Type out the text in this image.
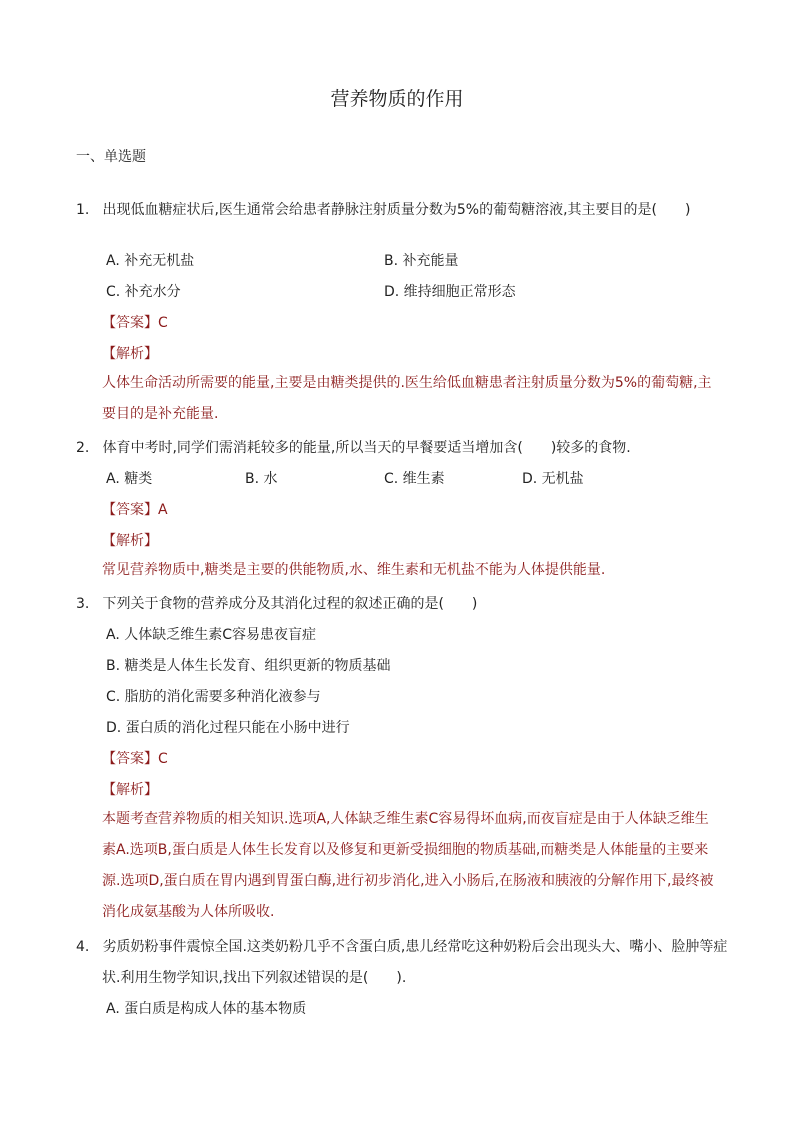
营养物质的作用
一、单选题
1. 出现低血糖症状后,医生通常会给患者静脉注射质量分数为5%的葡萄糖溶液,其主要目的是(　　)
A. 补充无机盐	B. 补充能量
C. 补充水分	D. 维持细胞正常形态
【答案】C
【解析】
人体生命活动所需要的能量,主要是由糖类提供的.医生给低血糖患者注射质量分数为5%的葡萄糖,主
要目的是补充能量.
2. 体育中考时,同学们需消耗较多的能量,所以当天的早餐要适当增加含(　　)较多的食物.
A. 糖类	B. 水	C. 维生素	D. 无机盐
【答案】A
【解析】
常见营养物质中,糖类是主要的供能物质,水、维生素和无机盐不能为人体提供能量.
3. 下列关于食物的营养成分及其消化过程的叙述正确的是(　　)
A. 人体缺乏维生素C容易患夜盲症
B. 糖类是人体生长发育、组织更新的物质基础
C. 脂肪的消化需要多种消化液参与
D. 蛋白质的消化过程只能在小肠中进行
【答案】C
【解析】
本题考查营养物质的相关知识.选项A,人体缺乏维生素C容易得坏血病,而夜盲症是由于人体缺乏维生
素A.选项B,蛋白质是人体生长发育以及修复和更新受损细胞的物质基础,而糖类是人体能量的主要来
源.选项D,蛋白质在胃内遇到胃蛋白酶,进行初步消化,进入小肠后,在肠液和胰液的分解作用下,最终被
消化成氨基酸为人体所吸收.
4. 劣质奶粉事件震惊全国.这类奶粉几乎不含蛋白质,患儿经常吃这种奶粉后会出现头大、嘴小、脸肿等症
状.利用生物学知识,找出下列叙述错误的是(　　).
A. 蛋白质是构成人体的基本物质
